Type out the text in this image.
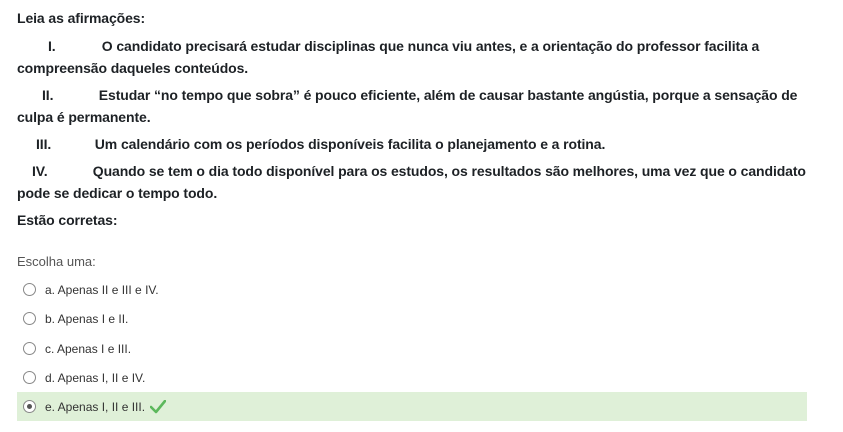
Leia as afirmações:
I.	O candidato precisará estudar disciplinas que nunca viu antes, e a orientação do professor facilita a compreensão daqueles conteúdos.
II.	Estudar “no tempo que sobra” é pouco eficiente, além de causar bastante angústia, porque a sensação de culpa é permanente.
III.	Um calendário com os períodos disponíveis facilita o planejamento e a rotina.
IV.	Quando se tem o dia todo disponível para os estudos, os resultados são melhores, uma vez que o candidato pode se dedicar o tempo todo.
Estão corretas:
Escolha uma:
a. Apenas II e III e IV.
b. Apenas I e II.
c. Apenas I e III.
d. Apenas I, II e IV.
e. Apenas I, II e III.
